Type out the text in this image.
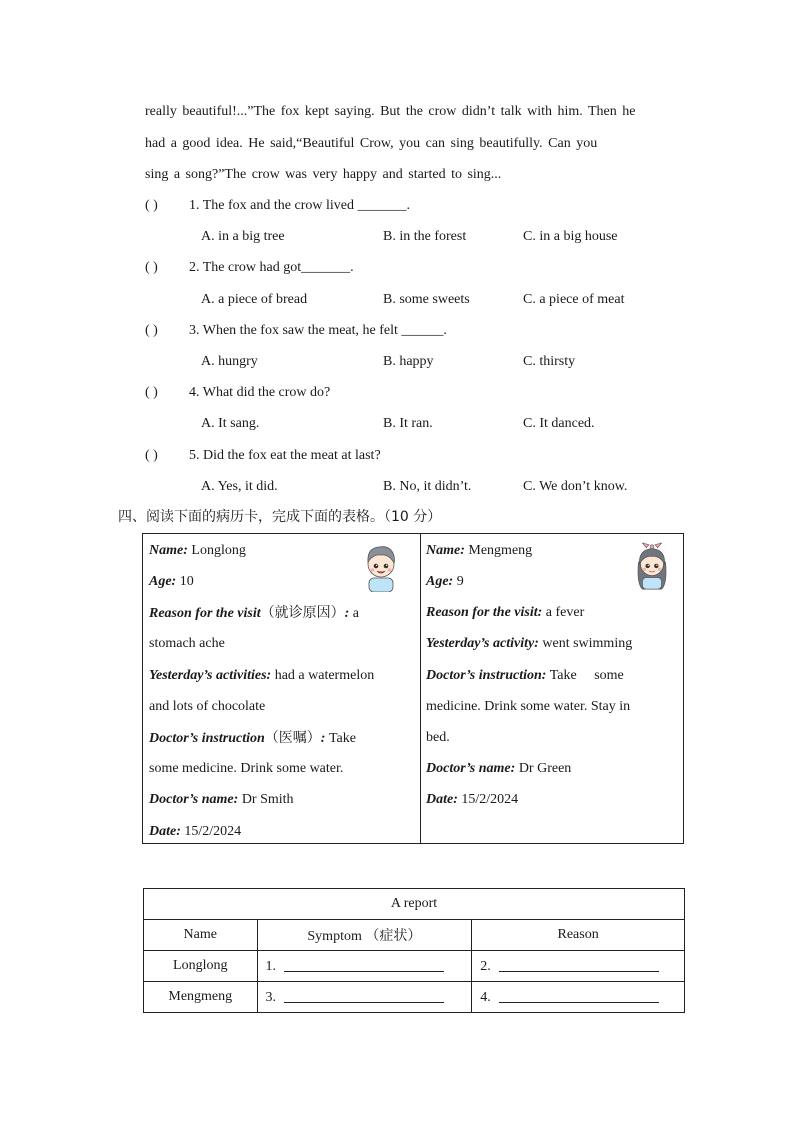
really beautiful!...”The fox kept saying. But the crow didn’t talk with him. Then he
had a good idea. He said,“Beautiful Crow, you can sing beautifully. Can you
sing a song?”The crow was very happy and started to sing...
( ) 1. The fox and the crow lived _______.
A. in a big tree	B. in the forest	C. in a big house
( ) 2. The crow had got_______.
A. a piece of bread	B. some sweets	C. a piece of meat
( ) 3. When the fox saw the meat, he felt ______.
A. hungry	B. happy	C. thirsty
( ) 4. What did the crow do?
A. It sang.	B. It ran.	C. It danced.
( ) 5. Did the fox eat the meat at last?
A. Yes, it did.	B. No, it didn’t.	C. We don’t know.
四、阅读下面的病历卡，完成下面的表格。（10 分）
Name: Longlong
Age: 10
Reason for the visit（就诊原因）: a
stomach ache
Yesterday’s activities: had a watermelon
and lots of chocolate
Doctor’s instruction（医嘱）: Take
some medicine. Drink some water.
Doctor’s name: Dr Smith
Date: 15/2/2024
Name: Mengmeng
Age: 9
Reason for the visit: a fever
Yesterday’s activity: went swimming
Doctor’s instruction: Take     some
medicine. Drink some water. Stay in
bed.
Doctor’s name: Dr Green
Date: 15/2/2024
A report		
Name	Symptom （症状）	Reason
Longlong	1.	2.
Mengmeng	3.	4.
